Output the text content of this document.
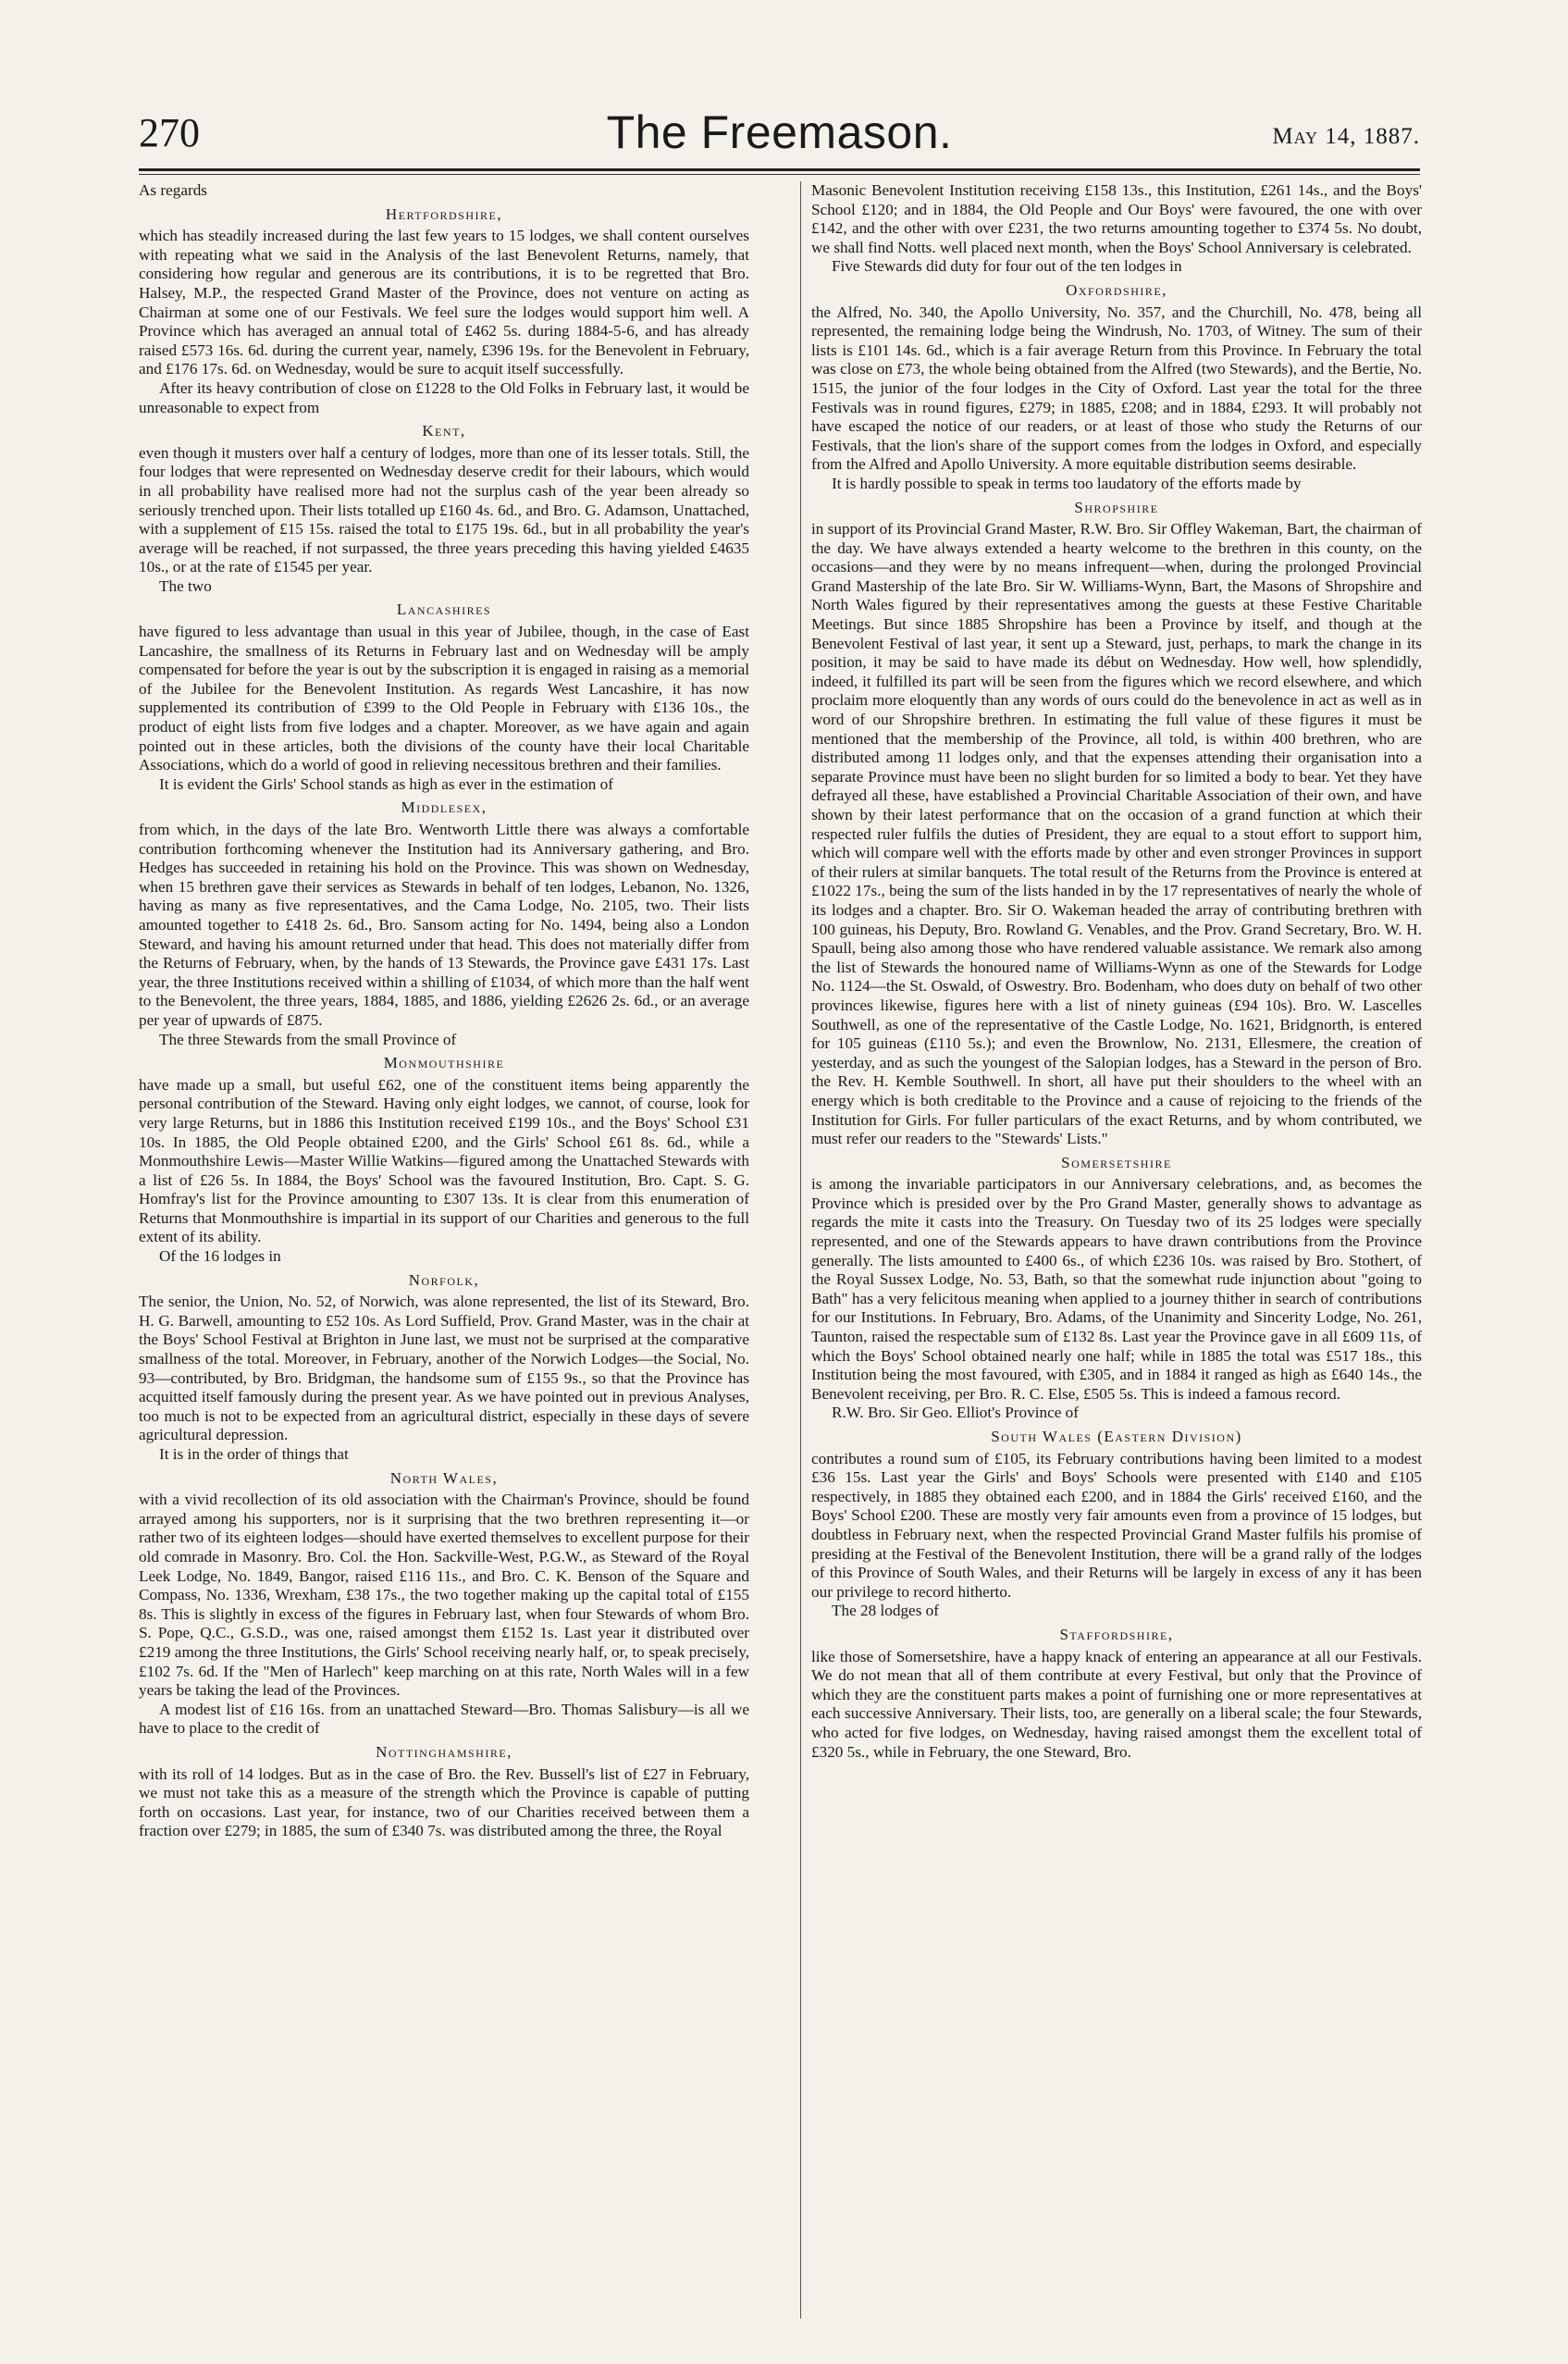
270	The Freemason.	May 14, 1887.

As regards

Hertfordshire,

which has steadily increased during the last few years to 15 lodges, we shall content ourselves with repeating what we said in the Analysis of the last Benevolent Returns, namely, that considering how regular and generous are its contributions, it is to be regretted that Bro. Halsey, M.P., the respected Grand Master of the Province, does not venture on acting as Chairman at some one of our Festivals. We feel sure the lodges would support him well. A Province which has averaged an annual total of £462 5s. during 1884-5-6, and has already raised £573 16s. 6d. during the current year, namely, £396 19s. for the Benevolent in February, and £176 17s. 6d. on Wednesday, would be sure to acquit itself successfully.

After its heavy contribution of close on £1228 to the Old Folks in February last, it would be unreasonable to expect from

Kent,

even though it musters over half a century of lodges, more than one of its lesser totals. Still, the four lodges that were represented on Wednesday deserve credit for their labours, which would in all probability have realised more had not the surplus cash of the year been already so seriously trenched upon. Their lists totalled up £160 4s. 6d., and Bro. G. Adamson, Unattached, with a supplement of £15 15s. raised the total to £175 19s. 6d., but in all probability the year's average will be reached, if not surpassed, the three years preceding this having yielded £4635 10s., or at the rate of £1545 per year.

The two

Lancashires

have figured to less advantage than usual in this year of Jubilee, though, in the case of East Lancashire, the smallness of its Returns in February last and on Wednesday will be amply compensated for before the year is out by the subscription it is engaged in raising as a memorial of the Jubilee for the Benevolent Institution. As regards West Lancashire, it has now supplemented its contribution of £399 to the Old People in February with £136 10s., the product of eight lists from five lodges and a chapter. Moreover, as we have again and again pointed out in these articles, both the divisions of the county have their local Charitable Associations, which do a world of good in relieving necessitous brethren and their families.

It is evident the Girls' School stands as high as ever in the estimation of

Middlesex,

from which, in the days of the late Bro. Wentworth Little there was always a comfortable contribution forthcoming whenever the Institution had its Anniversary gathering, and Bro. Hedges has succeeded in retaining his hold on the Province. This was shown on Wednesday, when 15 brethren gave their services as Stewards in behalf of ten lodges, Lebanon, No. 1326, having as many as five representatives, and the Cama Lodge, No. 2105, two. Their lists amounted together to £418 2s. 6d., Bro. Sansom acting for No. 1494, being also a London Steward, and having his amount returned under that head. This does not materially differ from the Returns of February, when, by the hands of 13 Stewards, the Province gave £431 17s. Last year, the three Institutions received within a shilling of £1034, of which more than the half went to the Benevolent, the three years, 1884, 1885, and 1886, yielding £2626 2s. 6d., or an average per year of upwards of £875.

The three Stewards from the small Province of

Monmouthshire

have made up a small, but useful £62, one of the constituent items being apparently the personal contribution of the Steward. Having only eight lodges, we cannot, of course, look for very large Returns, but in 1886 this Institution received £199 10s., and the Boys' School £31 10s. In 1885, the Old People obtained £200, and the Girls' School £61 8s. 6d., while a Monmouthshire Lewis—Master Willie Watkins—figured among the Unattached Stewards with a list of £26 5s. In 1884, the Boys' School was the favoured Institution, Bro. Capt. S. G. Homfray's list for the Province amounting to £307 13s. It is clear from this enumeration of Returns that Monmouthshire is impartial in its support of our Charities and generous to the full extent of its ability.

Of the 16 lodges in

Norfolk,

The senior, the Union, No. 52, of Norwich, was alone represented, the list of its Steward, Bro. H. G. Barwell, amounting to £52 10s. As Lord Suffield, Prov. Grand Master, was in the chair at the Boys' School Festival at Brighton in June last, we must not be surprised at the comparative smallness of the total. Moreover, in February, another of the Norwich Lodges—the Social, No. 93—contributed, by Bro. Bridgman, the handsome sum of £155 9s., so that the Province has acquitted itself famously during the present year. As we have pointed out in previous Analyses, too much is not to be expected from an agricultural district, especially in these days of severe agricultural depression.

It is in the order of things that

North Wales,

with a vivid recollection of its old association with the Chairman's Province, should be found arrayed among his supporters, nor is it surprising that the two brethren representing it—or rather two of its eighteen lodges—should have exerted themselves to excellent purpose for their old comrade in Masonry. Bro. Col. the Hon. Sackville-West, P.G.W., as Steward of the Royal Leek Lodge, No. 1849, Bangor, raised £116 11s., and Bro. C. K. Benson of the Square and Compass, No. 1336, Wrexham, £38 17s., the two together making up the capital total of £155 8s. This is slightly in excess of the figures in February last, when four Stewards of whom Bro. S. Pope, Q.C., G.S.D., was one, raised amongst them £152 1s. Last year it distributed over £219 among the three Institutions, the Girls' School receiving nearly half, or, to speak precisely, £102 7s. 6d. If the "Men of Harlech" keep marching on at this rate, North Wales will in a few years be taking the lead of the Provinces.

A modest list of £16 16s. from an unattached Steward—Bro. Thomas Salisbury—is all we have to place to the credit of

Nottinghamshire,

with its roll of 14 lodges. But as in the case of Bro. the Rev. Bussell's list of £27 in February, we must not take this as a measure of the strength which the Province is capable of putting forth on occasions. Last year, for instance, two of our Charities received between them a fraction over £279; in 1885, the sum of £340 7s. was distributed among the three, the Royal

Masonic Benevolent Institution receiving £158 13s., this Institution, £261 14s., and the Boys' School £120; and in 1884, the Old People and Our Boys' were favoured, the one with over £142, and the other with over £231, the two returns amounting together to £374 5s. No doubt, we shall find Notts. well placed next month, when the Boys' School Anniversary is celebrated.

Five Stewards did duty for four out of the ten lodges in

Oxfordshire,

the Alfred, No. 340, the Apollo University, No. 357, and the Churchill, No. 478, being all represented, the remaining lodge being the Windrush, No. 1703, of Witney. The sum of their lists is £101 14s. 6d., which is a fair average Return from this Province. In February the total was close on £73, the whole being obtained from the Alfred (two Stewards), and the Bertie, No. 1515, the junior of the four lodges in the City of Oxford. Last year the total for the three Festivals was in round figures, £279; in 1885, £208; and in 1884, £293. It will probably not have escaped the notice of our readers, or at least of those who study the Returns of our Festivals, that the lion's share of the support comes from the lodges in Oxford, and especially from the Alfred and Apollo University. A more equitable distribution seems desirable.

It is hardly possible to speak in terms too laudatory of the efforts made by

Shropshire

in support of its Provincial Grand Master, R.W. Bro. Sir Offley Wakeman, Bart, the chairman of the day. We have always extended a hearty welcome to the brethren in this county, on the occasions—and they were by no means infrequent—when, during the prolonged Provincial Grand Mastership of the late Bro. Sir W. Williams-Wynn, Bart, the Masons of Shropshire and North Wales figured by their representatives among the guests at these Festive Charitable Meetings. But since 1885 Shropshire has been a Province by itself, and though at the Benevolent Festival of last year, it sent up a Steward, just, perhaps, to mark the change in its position, it may be said to have made its début on Wednesday. How well, how splendidly, indeed, it fulfilled its part will be seen from the figures which we record elsewhere, and which proclaim more eloquently than any words of ours could do the benevolence in act as well as in word of our Shropshire brethren. In estimating the full value of these figures it must be mentioned that the membership of the Province, all told, is within 400 brethren, who are distributed among 11 lodges only, and that the expenses attending their organisation into a separate Province must have been no slight burden for so limited a body to bear. Yet they have defrayed all these, have established a Provincial Charitable Association of their own, and have shown by their latest performance that on the occasion of a grand function at which their respected ruler fulfils the duties of President, they are equal to a stout effort to support him, which will compare well with the efforts made by other and even stronger Provinces in support of their rulers at similar banquets. The total result of the Returns from the Province is entered at £1022 17s., being the sum of the lists handed in by the 17 representatives of nearly the whole of its lodges and a chapter. Bro. Sir O. Wakeman headed the array of contributing brethren with 100 guineas, his Deputy, Bro. Rowland G. Venables, and the Prov. Grand Secretary, Bro. W. H. Spaull, being also among those who have rendered valuable assistance. We remark also among the list of Stewards the honoured name of Williams-Wynn as one of the Stewards for Lodge No. 1124—the St. Oswald, of Oswestry. Bro. Bodenham, who does duty on behalf of two other provinces likewise, figures here with a list of ninety guineas (£94 10s). Bro. W. Lascelles Southwell, as one of the representative of the Castle Lodge, No. 1621, Bridgnorth, is entered for 105 guineas (£110 5s.); and even the Brownlow, No. 2131, Ellesmere, the creation of yesterday, and as such the youngest of the Salopian lodges, has a Steward in the person of Bro. the Rev. H. Kemble Southwell. In short, all have put their shoulders to the wheel with an energy which is both creditable to the Province and a cause of rejoicing to the friends of the Institution for Girls. For fuller particulars of the exact Returns, and by whom contributed, we must refer our readers to the "Stewards' Lists."

Somersetshire

is among the invariable participators in our Anniversary celebrations, and, as becomes the Province which is presided over by the Pro Grand Master, generally shows to advantage as regards the mite it casts into the Treasury. On Tuesday two of its 25 lodges were specially represented, and one of the Stewards appears to have drawn contributions from the Province generally. The lists amounted to £400 6s., of which £236 10s. was raised by Bro. Stothert, of the Royal Sussex Lodge, No. 53, Bath, so that the somewhat rude injunction about "going to Bath" has a very felicitous meaning when applied to a journey thither in search of contributions for our Institutions. In February, Bro. Adams, of the Unanimity and Sincerity Lodge, No. 261, Taunton, raised the respectable sum of £132 8s. Last year the Province gave in all £609 11s, of which the Boys' School obtained nearly one half; while in 1885 the total was £517 18s., this Institution being the most favoured, with £305, and in 1884 it ranged as high as £640 14s., the Benevolent receiving, per Bro. R. C. Else, £505 5s. This is indeed a famous record.

R.W. Bro. Sir Geo. Elliot's Province of

South Wales (Eastern Division)

contributes a round sum of £105, its February contributions having been limited to a modest £36 15s. Last year the Girls' and Boys' Schools were presented with £140 and £105 respectively, in 1885 they obtained each £200, and in 1884 the Girls' received £160, and the Boys' School £200. These are mostly very fair amounts even from a province of 15 lodges, but doubtless in February next, when the respected Provincial Grand Master fulfils his promise of presiding at the Festival of the Benevolent Institution, there will be a grand rally of the lodges of this Province of South Wales, and their Returns will be largely in excess of any it has been our privilege to record hitherto.

The 28 lodges of

Staffordshire,

like those of Somersetshire, have a happy knack of entering an appearance at all our Festivals. We do not mean that all of them contribute at every Festival, but only that the Province of which they are the constituent parts makes a point of furnishing one or more representatives at each successive Anniversary. Their lists, too, are generally on a liberal scale; the four Stewards, who acted for five lodges, on Wednesday, having raised amongst them the excellent total of £320 5s., while in February, the one Steward, Bro.
